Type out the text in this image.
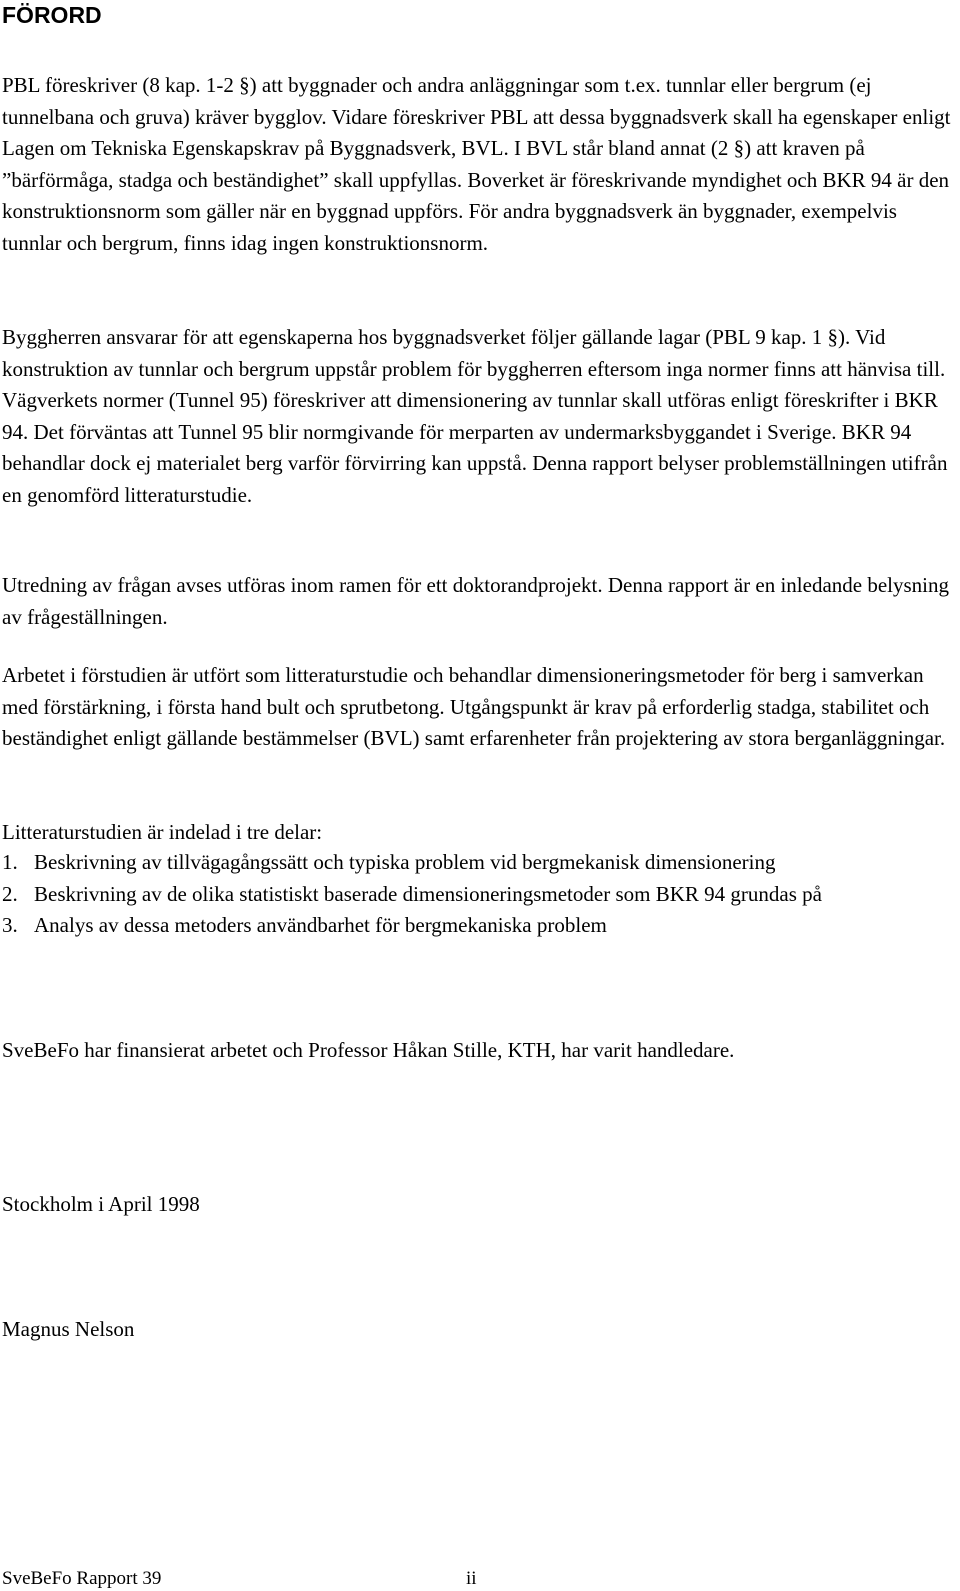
FÖRORD

PBL föreskriver (8 kap. 1-2 §) att byggnader och andra anläggningar som t.ex. tunnlar eller bergrum (ej tunnelbana och gruva) kräver bygglov. Vidare föreskriver PBL att dessa byggnadsverk skall ha egenskaper enligt Lagen om Tekniska Egenskapskrav på Byggnadsverk, BVL. I BVL står bland annat (2 §) att kraven på ”bärförmåga, stadga och beständighet” skall uppfyllas. Boverket är föreskrivande myndighet och BKR 94 är den konstruktionsnorm som gäller när en byggnad uppförs. För andra byggnadsverk än byggnader, exempelvis tunnlar och bergrum, finns idag ingen konstruktionsnorm.

Byggherren ansvarar för att egenskaperna hos byggnadsverket följer gällande lagar (PBL 9 kap. 1 §). Vid konstruktion av tunnlar och bergrum uppstår problem för byggherren eftersom inga normer finns att hänvisa till. Vägverkets normer (Tunnel 95) föreskriver att dimensionering av tunnlar skall utföras enligt föreskrifter i BKR 94. Det förväntas att Tunnel 95 blir normgivande för merparten av undermarksbyggandet i Sverige. BKR 94 behandlar dock ej materialet berg varför förvirring kan uppstå. Denna rapport belyser problemställningen utifrån en genomförd litteraturstudie.

Utredning av frågan avses utföras inom ramen för ett doktorandprojekt. Denna rapport är en inledande belysning av frågeställningen.

Arbetet i förstudien är utfört som litteraturstudie och behandlar dimensioneringsmetoder för berg i samverkan med förstärkning, i första hand bult och sprutbetong. Utgångspunkt är krav på erforderlig stadga, stabilitet och beständighet enligt gällande bestämmelser (BVL) samt erfarenheter från projektering av stora berganläggningar.

Litteraturstudien är indelad i tre delar:

1. Beskrivning av tillvägagångssätt och typiska problem vid bergmekanisk dimensionering
2. Beskrivning av de olika statistiskt baserade dimensioneringsmetoder som BKR 94 grundas på
3. Analys av dessa metoders användbarhet för bergmekaniska problem

SveBeFo har finansierat arbetet och Professor Håkan Stille, KTH, har varit handledare.

Stockholm i April 1998

Magnus Nelson

SveBeFo Rapport 39	ii
